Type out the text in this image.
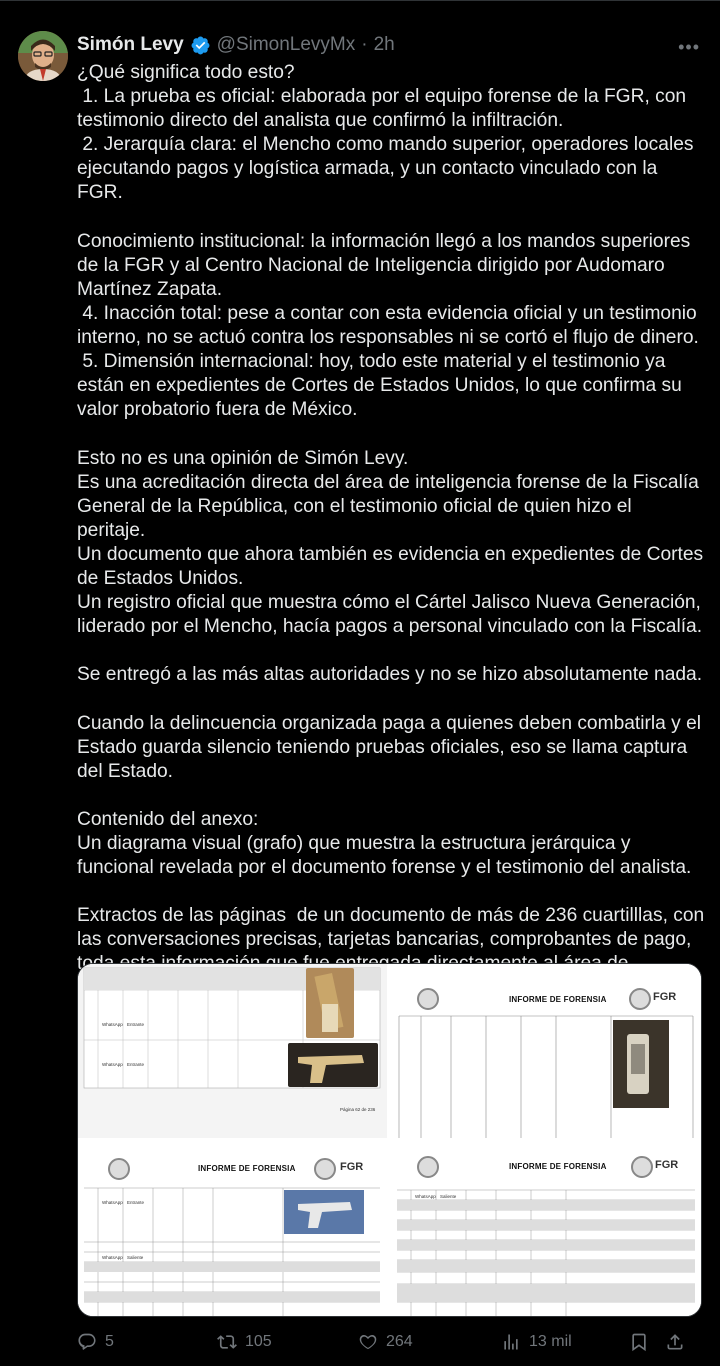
Simón Levy @SimonLevyMx · 2h	•••
¿Qué significa todo esto?
1. La prueba es oficial: elaborada por el equipo forense de la FGR, con testimonio directo del analista que confirmó la infiltración.
2. Jerarquía clara: el Mencho como mando superior, operadores locales ejecutando pagos y logística armada, y un contacto vinculado con la FGR.

Conocimiento institucional: la información llegó a los mandos superiores de la FGR y al Centro Nacional de Inteligencia dirigido por Audomaro Martínez Zapata.
4. Inacción total: pese a contar con esta evidencia oficial y un testimonio interno, no se actuó contra los responsables ni se cortó el flujo de dinero.
5. Dimensión internacional: hoy, todo este material y el testimonio ya están en expedientes de Cortes de Estados Unidos, lo que confirma su valor probatorio fuera de México.

Esto no es una opinión de Simón Levy.
Es una acreditación directa del área de inteligencia forense de la Fiscalía General de la República, con el testimonio oficial de quien hizo el peritaje.
Un documento que ahora también es evidencia en expedientes de Cortes de Estados Unidos.
Un registro oficial que muestra cómo el Cártel Jalisco Nueva Generación, liderado por el Mencho, hacía pagos a personal vinculado con la Fiscalía.

Se entregó a las más altas autoridades y no se hizo absolutamente nada.

Cuando la delincuencia organizada paga a quienes deben combatirla y el Estado guarda silencio teniendo pruebas oficiales, eso se llama captura del Estado.

Contenido del anexo:
Un diagrama visual (grafo) que muestra la estructura jerárquica y funcional revelada por el documento forense y el testimonio del analista.

Extractos de las páginas  de un documento de más de 236 cuartilllas, con las conversaciones precisas, tarjetas bancarias, comprobantes de pago,
WhatsApp Entrante
WhatsApp Entrante
Página 62 de 236
INFORME DE FORENSIA	FGR
INFORME DE FORENSIA	FGR
WhatsApp Entrante
WhatsApp Saliente
INFORME DE FORENSIA	FGR
WhatsApp Saliente
5	105	264	13 mil
